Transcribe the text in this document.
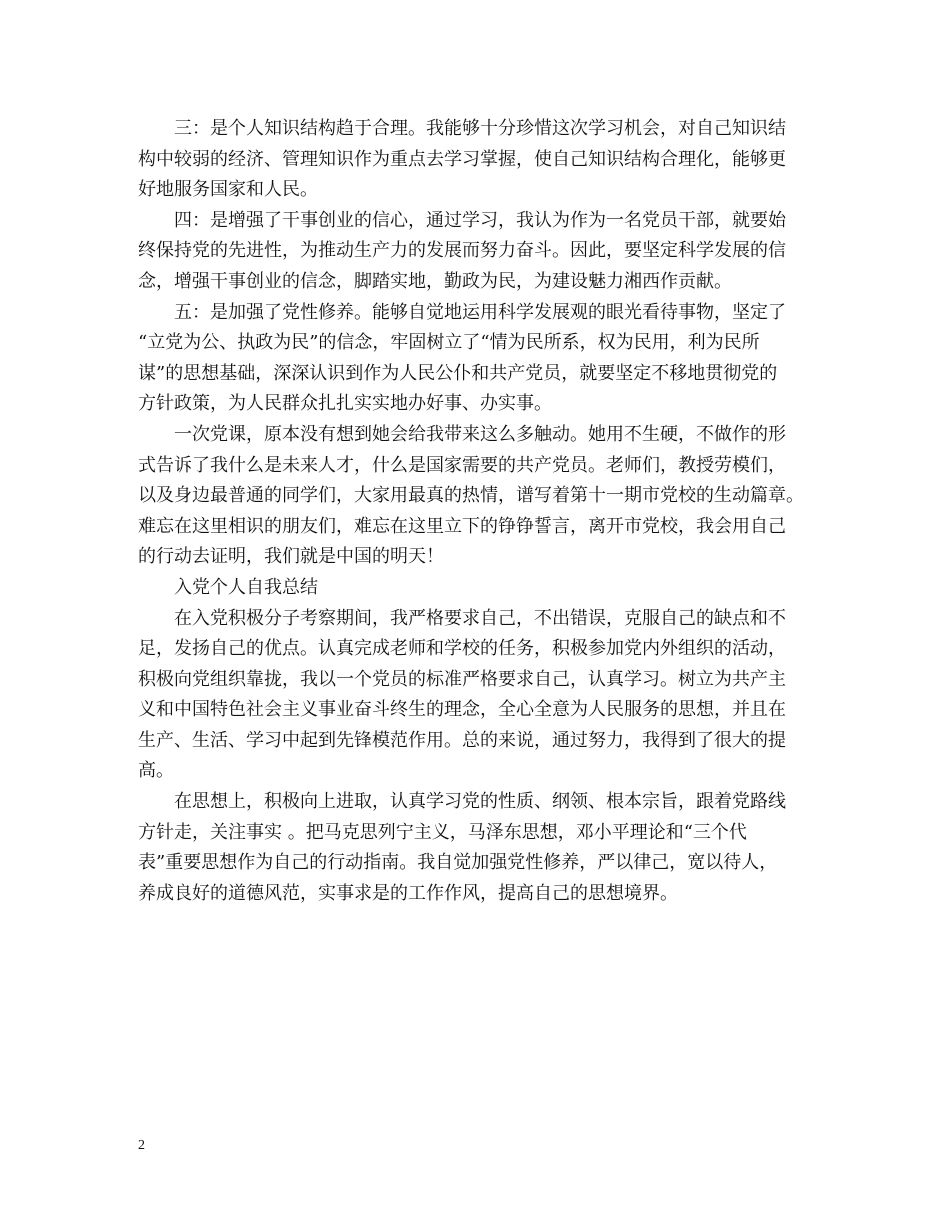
三：是个人知识结构趋于合理。我能够十分珍惜这次学习机会，对自己知识结

构中较弱的经济、管理知识作为重点去学习掌握，使自己知识结构合理化，能够更

好地服务国家和人民。

四：是增强了干事创业的信心，通过学习，我认为作为一名党员干部，就要始

终保持党的先进性，为推动生产力的发展而努力奋斗。因此，要坚定科学发展的信

念，增强干事创业的信念，脚踏实地，勤政为民，为建设魅力湘西作贡献。

五：是加强了党性修养。能够自觉地运用科学发展观的眼光看待事物，坚定了

“立党为公、执政为民”的信念，牢固树立了“情为民所系，权为民用，利为民所

谋”的思想基础，深深认识到作为人民公仆和共产党员，就要坚定不移地贯彻党的

方针政策，为人民群众扎扎实实地办好事、办实事。

一次党课，原本没有想到她会给我带来这么多触动。她用不生硬，不做作的形

式告诉了我什么是未来人才，什么是国家需要的共产党员。老师们，教授劳模们，

以及身边最普通的同学们，大家用最真的热情，谱写着第十一期市党校的生动篇章。

难忘在这里相识的朋友们，难忘在这里立下的铮铮誓言，离开市党校，我会用自己

的行动去证明，我们就是中国的明天！

入党个人自我总结

在入党积极分子考察期间，我严格要求自己，不出错误，克服自己的缺点和不

足，发扬自己的优点。认真完成老师和学校的任务，积极参加党内外组织的活动，

积极向党组织靠拢，我以一个党员的标准严格要求自己，认真学习。树立为共产主

义和中国特色社会主义事业奋斗终生的理念，全心全意为人民服务的思想，并且在

生产、生活、学习中起到先锋模范作用。总的来说，通过努力，我得到了很大的提

高。

在思想上，积极向上进取，认真学习党的性质、纲领、根本宗旨，跟着党路线

方针走，关注事实 。把马克思列宁主义，马泽东思想，邓小平理论和“三个代

表”重要思想作为自己的行动指南。我自觉加强党性修养，严以律己，宽以待人，

养成良好的道德风范，实事求是的工作作风，提高自己的思想境界。

2
